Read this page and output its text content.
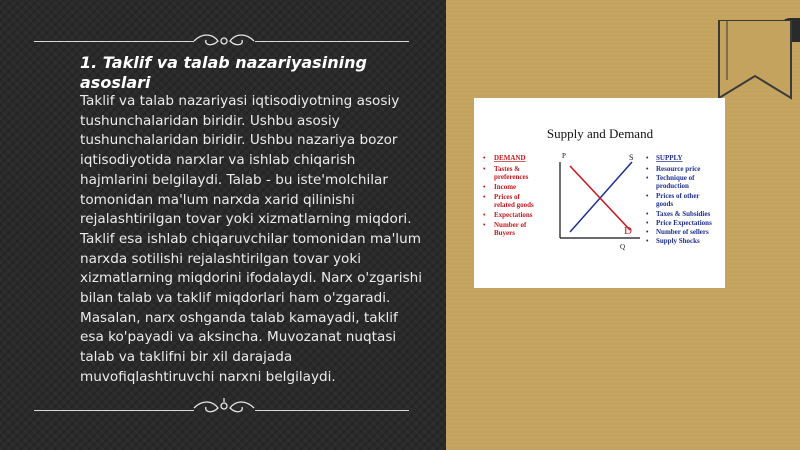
1. Taklif va talab nazariyasining asoslari

Taklif va talab nazariyasi iqtisodiyotning asosiy tushunchalaridan biridir. Ushbu asosiy tushunchalaridan biridir. Ushbu nazariya bozor iqtisodiyotida narxlar va ishlab chiqarish hajmlarini belgilaydi. Talab - bu iste'molchilar tomonidan ma'lum narxda xarid qilinishi rejalashtirilgan tovar yoki xizmatlarning miqdori. Taklif esa ishlab chiqaruvchilar tomonidan ma'lum narxda sotilishi rejalashtirilgan tovar yoki xizmatlarning miqdorini ifodalaydi. Narx o'zgarishi bilan talab va taklif miqdorlari ham o'zgaradi. Masalan, narx oshganda talab kamayadi, taklif esa ko'payadi va aksincha. Muvozanat nuqtasi talab va taklifni bir xil darajada muvofiqlashtiruvchi narxni belgilaydi.

Supply and Demand
• DEMAND
• Tastes &
preferences
• Income
• Prices of
related goods
• Expectations
• Number of
Buyers
P
Q
S
D
• SUPPLY
• Resource price
• Technique of
production
• Prices of other
goods
• Taxes & Subsidies
• Price Expectations
• Number of sellers
• Supply Shocks
